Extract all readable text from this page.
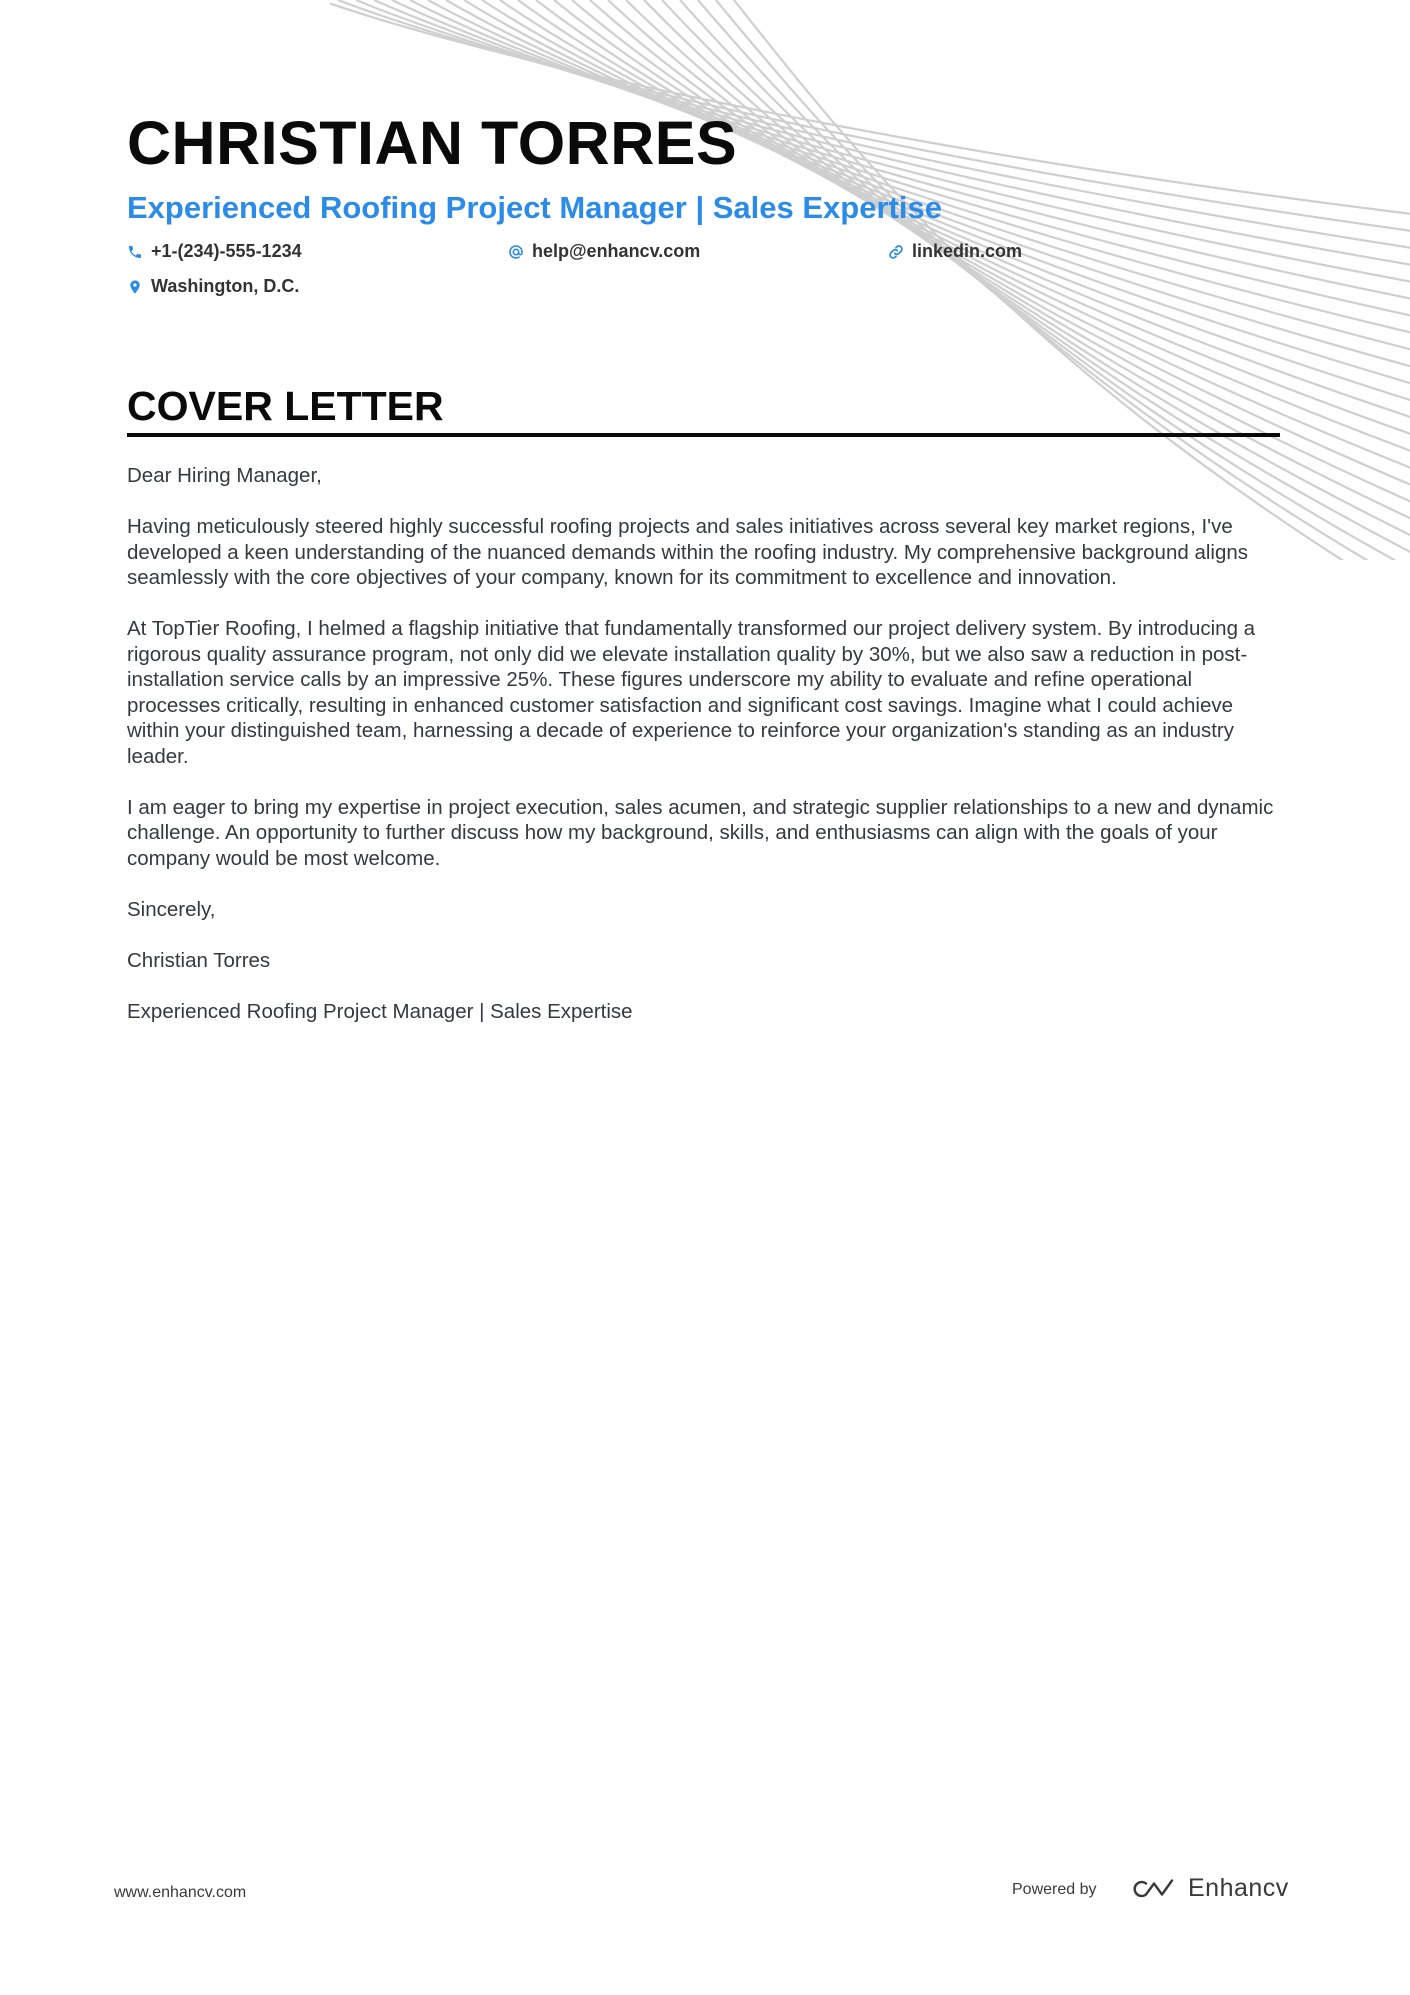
CHRISTIAN TORRES
Experienced Roofing Project Manager | Sales Expertise
+1-(234)-555-1234	help@enhancv.com	linkedin.com
Washington, D.C.
COVER LETTER

Dear Hiring Manager,

Having meticulously steered highly successful roofing projects and sales initiatives across several key market regions, I've developed a keen understanding of the nuanced demands within the roofing industry. My comprehensive background aligns seamlessly with the core objectives of your company, known for its commitment to excellence and innovation.

At TopTier Roofing, I helmed a flagship initiative that fundamentally transformed our project delivery system. By introducing a rigorous quality assurance program, not only did we elevate installation quality by 30%, but we also saw a reduction in post-installation service calls by an impressive 25%. These figures underscore my ability to evaluate and refine operational processes critically, resulting in enhanced customer satisfaction and significant cost savings. Imagine what I could achieve within your distinguished team, harnessing a decade of experience to reinforce your organization's standing as an industry leader.

I am eager to bring my expertise in project execution, sales acumen, and strategic supplier relationships to a new and dynamic challenge. An opportunity to further discuss how my background, skills, and enthusiasms can align with the goals of your company would be most welcome.

Sincerely,

Christian Torres

Experienced Roofing Project Manager | Sales Expertise

www.enhancv.com	Powered by	Enhancv
